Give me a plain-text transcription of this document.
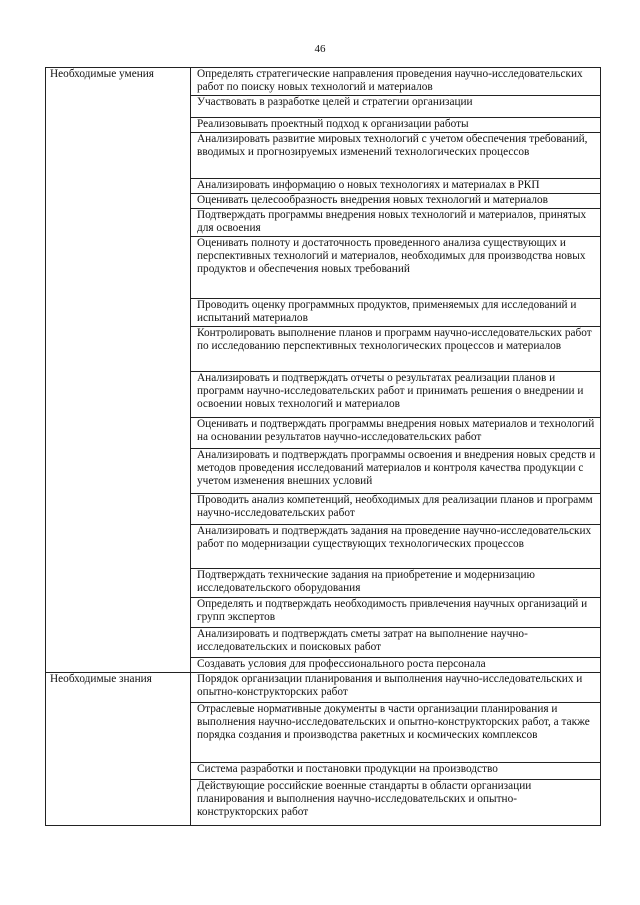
46
Необходимые умения	Определять стратегические направления проведения научно-исследовательских работ по поиску новых технологий и материалов
	Участвовать в разработке целей и стратегии организации
	Реализовывать проектный подход к организации работы
	Анализировать развитие мировых технологий с учетом обеспечения требований, вводимых и прогнозируемых изменений технологических процессов
	Анализировать информацию о новых технологиях и материалах в РКП
	Оценивать целесообразность внедрения новых технологий и материалов
	Подтверждать программы внедрения новых технологий и материалов, принятых для освоения
	Оценивать полноту и достаточность проведенного анализа существующих и перспективных технологий и материалов, необходимых для производства новых продуктов и обеспечения новых требований
	Проводить оценку программных продуктов, применяемых для исследований и испытаний материалов
	Контролировать выполнение планов и программ научно-исследовательских работ по исследованию перспективных технологических процессов и материалов
	Анализировать и подтверждать отчеты о результатах реализации планов и программ научно-исследовательских работ и принимать решения о внедрении и освоении новых технологий и материалов
	Оценивать и подтверждать программы внедрения новых материалов и технологий на основании результатов научно-исследовательских работ
	Анализировать и подтверждать программы освоения и внедрения новых средств и методов проведения исследований материалов и контроля качества продукции с учетом изменения внешних условий
	Проводить анализ компетенций, необходимых для реализации планов и программ научно-исследовательских работ
	Анализировать и подтверждать задания на проведение научно-исследовательских работ по модернизации существующих технологических процессов
	Подтверждать технические задания на приобретение и модернизацию исследовательского оборудования
	Определять и подтверждать необходимость привлечения научных организаций и групп экспертов
	Анализировать и подтверждать сметы затрат на выполнение научно-исследовательских и поисковых работ
	Создавать условия для профессионального роста персонала
Необходимые знания	Порядок организации планирования и выполнения научно-исследовательских и опытно-конструкторских работ
	Отраслевые нормативные документы в части организации планирования и выполнения научно-исследовательских и опытно-конструкторских работ, а также порядка создания и производства ракетных и космических комплексов
	Система разработки и постановки продукции на производство
	Действующие российские военные стандарты в области организации планирования и выполнения научно-исследовательских и опытно-конструкторских работ
